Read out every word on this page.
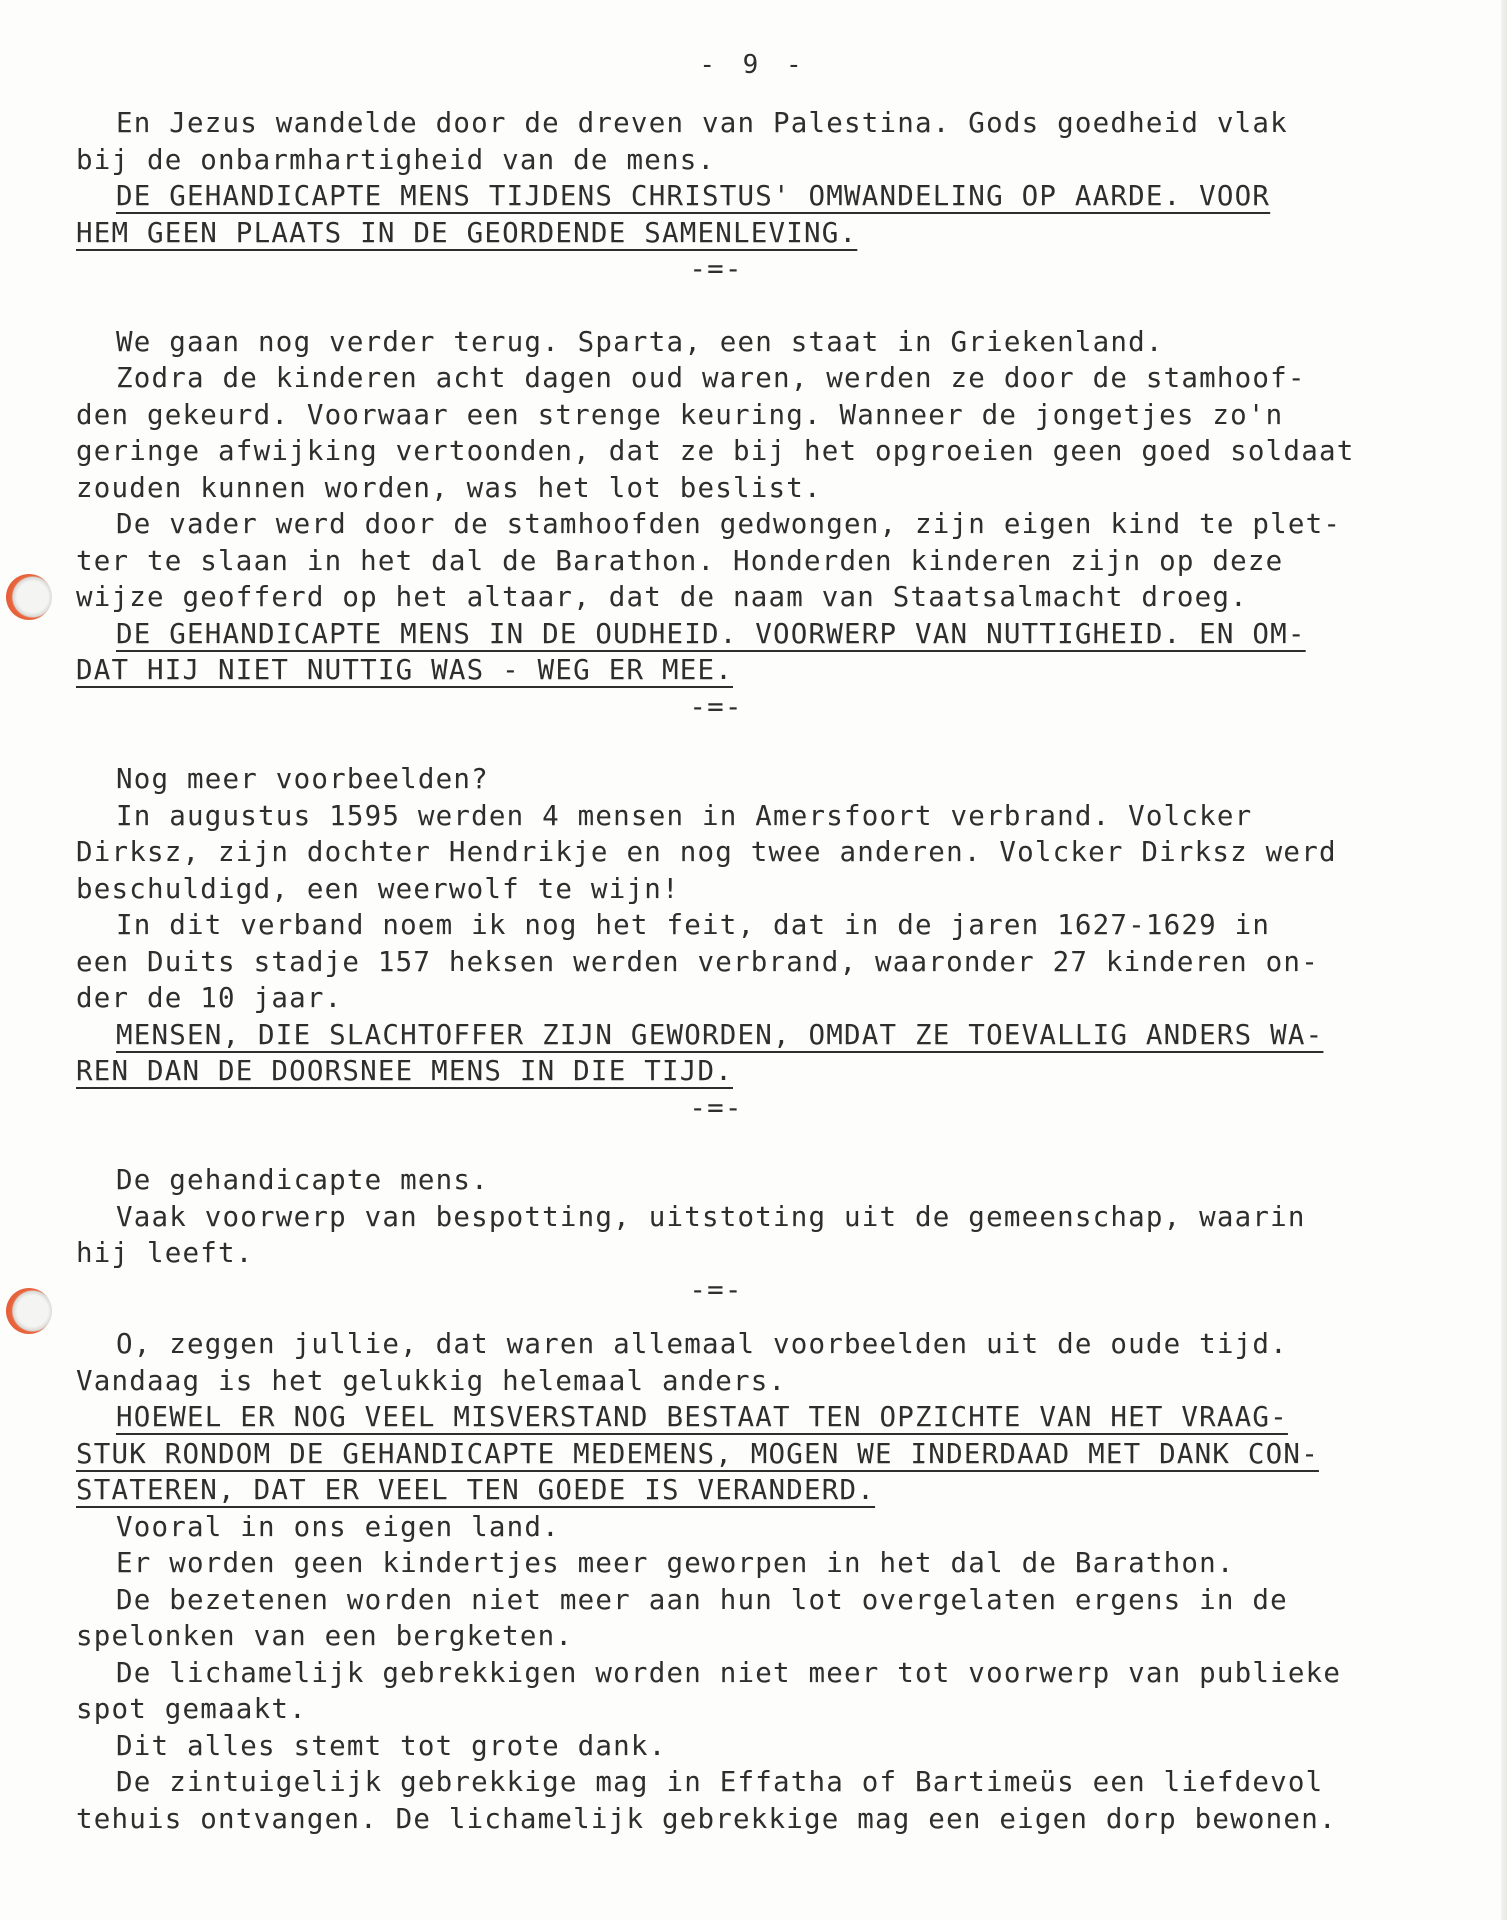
- 9 -
En Jezus wandelde door de dreven van Palestina. Gods goedheid vlak
bij de onbarmhartigheid van de mens.
DE GEHANDICAPTE MENS TIJDENS CHRISTUS' OMWANDELING OP AARDE. VOOR
HEM GEEN PLAATS IN DE GEORDENDE SAMENLEVING.
-=-
We gaan nog verder terug. Sparta, een staat in Griekenland.
Zodra de kinderen acht dagen oud waren, werden ze door de stamhoof-
den gekeurd. Voorwaar een strenge keuring. Wanneer de jongetjes zo'n
geringe afwijking vertoonden, dat ze bij het opgroeien geen goed soldaat
zouden kunnen worden, was het lot beslist.
De vader werd door de stamhoofden gedwongen, zijn eigen kind te plet-
ter te slaan in het dal de Barathon. Honderden kinderen zijn op deze
wijze geofferd op het altaar, dat de naam van Staatsalmacht droeg.
DE GEHANDICAPTE MENS IN DE OUDHEID. VOORWERP VAN NUTTIGHEID. EN OM-
DAT HIJ NIET NUTTIG WAS - WEG ER MEE.
-=-
Nog meer voorbeelden?
In augustus 1595 werden 4 mensen in Amersfoort verbrand. Volcker
Dirksz, zijn dochter Hendrikje en nog twee anderen. Volcker Dirksz werd
beschuldigd, een weerwolf te wijn!
In dit verband noem ik nog het feit, dat in de jaren 1627-1629 in
een Duits stadje 157 heksen werden verbrand, waaronder 27 kinderen on-
der de 10 jaar.
MENSEN, DIE SLACHTOFFER ZIJN GEWORDEN, OMDAT ZE TOEVALLIG ANDERS WA-
REN DAN DE DOORSNEE MENS IN DIE TIJD.
-=-
De gehandicapte mens.
Vaak voorwerp van bespotting, uitstoting uit de gemeenschap, waarin
hij leeft.
-=-
O, zeggen jullie, dat waren allemaal voorbeelden uit de oude tijd.
Vandaag is het gelukkig helemaal anders.
HOEWEL ER NOG VEEL MISVERSTAND BESTAAT TEN OPZICHTE VAN HET VRAAG-
STUK RONDOM DE GEHANDICAPTE MEDEMENS, MOGEN WE INDERDAAD MET DANK CON-
STATEREN, DAT ER VEEL TEN GOEDE IS VERANDERD.
Vooral in ons eigen land.
Er worden geen kindertjes meer geworpen in het dal de Barathon.
De bezetenen worden niet meer aan hun lot overgelaten ergens in de
spelonken van een bergketen.
De lichamelijk gebrekkigen worden niet meer tot voorwerp van publieke
spot gemaakt.
Dit alles stemt tot grote dank.
De zintuigelijk gebrekkige mag in Effatha of Bartimeüs een liefdevol
tehuis ontvangen. De lichamelijk gebrekkige mag een eigen dorp bewonen.
